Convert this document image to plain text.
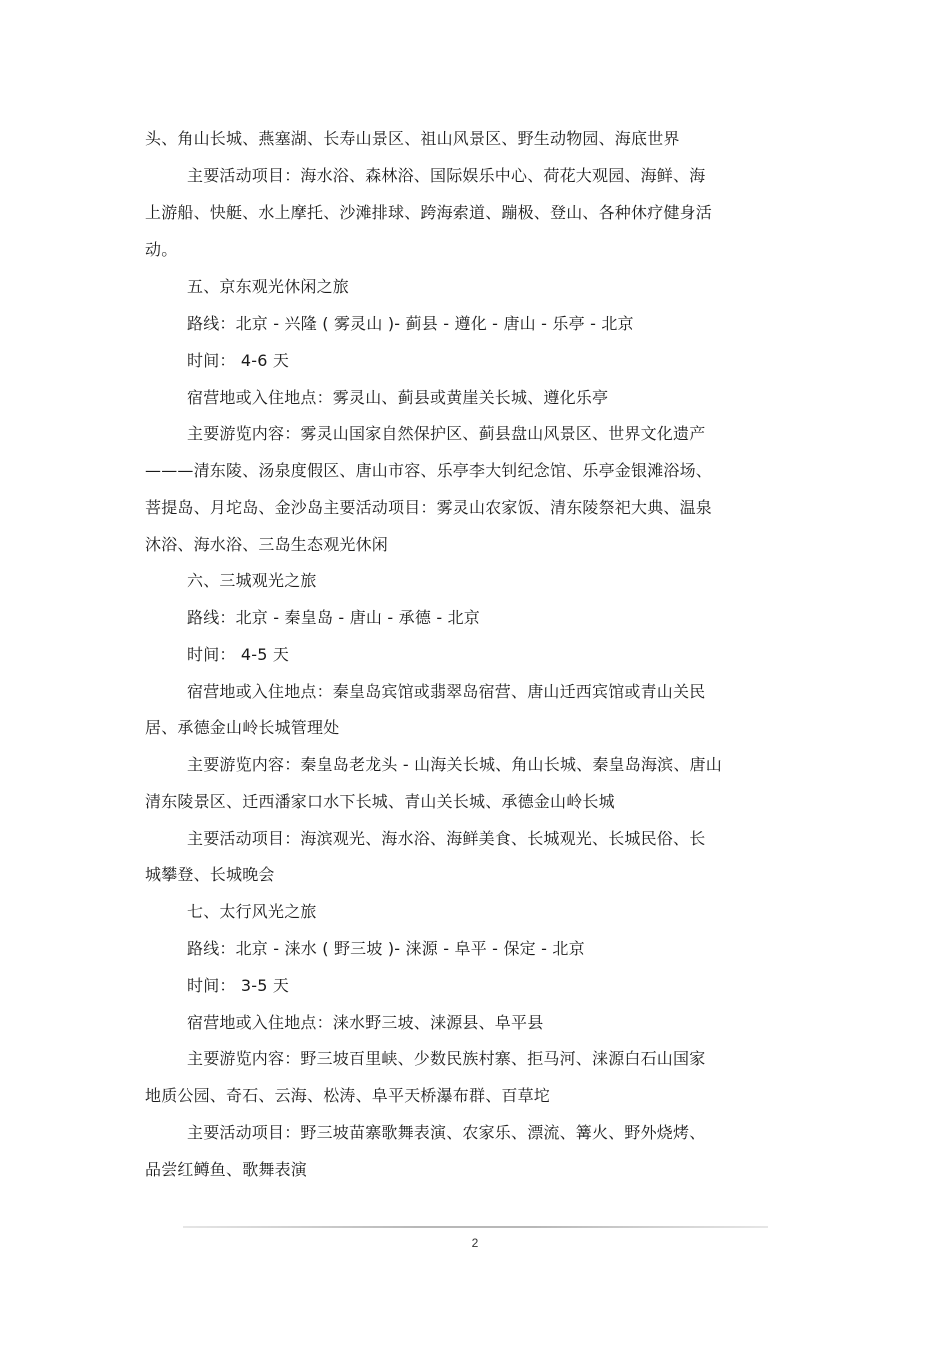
头、角山长城、燕塞湖、长寿山景区、祖山风景区、野生动物园、海底世界
主要活动项目：海水浴、森林浴、国际娱乐中心、荷花大观园、海鲜、海
上游船、快艇、水上摩托、沙滩排球、跨海索道、蹦极、登山、各种休疗健身活
动。
五、京东观光休闲之旅
路线：北京 - 兴隆 ( 雾灵山 )- 蓟县 - 遵化 - 唐山 - 乐亭 - 北京
时间： 4-6 天
宿营地或入住地点：雾灵山、蓟县或黄崖关长城、遵化乐亭
主要游览内容：雾灵山国家自然保护区、蓟县盘山风景区、世界文化遗产
———清东陵、汤泉度假区、唐山市容、乐亭李大钊纪念馆、乐亭金银滩浴场、
菩提岛、月坨岛、金沙岛主要活动项目：雾灵山农家饭、清东陵祭祀大典、温泉
沐浴、海水浴、三岛生态观光休闲
六、三城观光之旅
路线：北京 - 秦皇岛 - 唐山 - 承德 - 北京
时间： 4-5 天
宿营地或入住地点：秦皇岛宾馆或翡翠岛宿营、唐山迁西宾馆或青山关民
居、承德金山岭长城管理处
主要游览内容：秦皇岛老龙头 - 山海关长城、角山长城、秦皇岛海滨、唐山
清东陵景区、迁西潘家口水下长城、青山关长城、承德金山岭长城
主要活动项目：海滨观光、海水浴、海鲜美食、长城观光、长城民俗、长
城攀登、长城晚会
七、太行风光之旅
路线：北京 - 涞水 ( 野三坡 )- 涞源 - 阜平 - 保定 - 北京
时间： 3-5 天
宿营地或入住地点：涞水野三坡、涞源县、阜平县
主要游览内容：野三坡百里峡、少数民族村寨、拒马河、涞源白石山国家
地质公园、奇石、云海、松涛、阜平天桥瀑布群、百草坨
主要活动项目：野三坡苗寨歌舞表演、农家乐、漂流、篝火、野外烧烤、
品尝红鳟鱼、歌舞表演
2
